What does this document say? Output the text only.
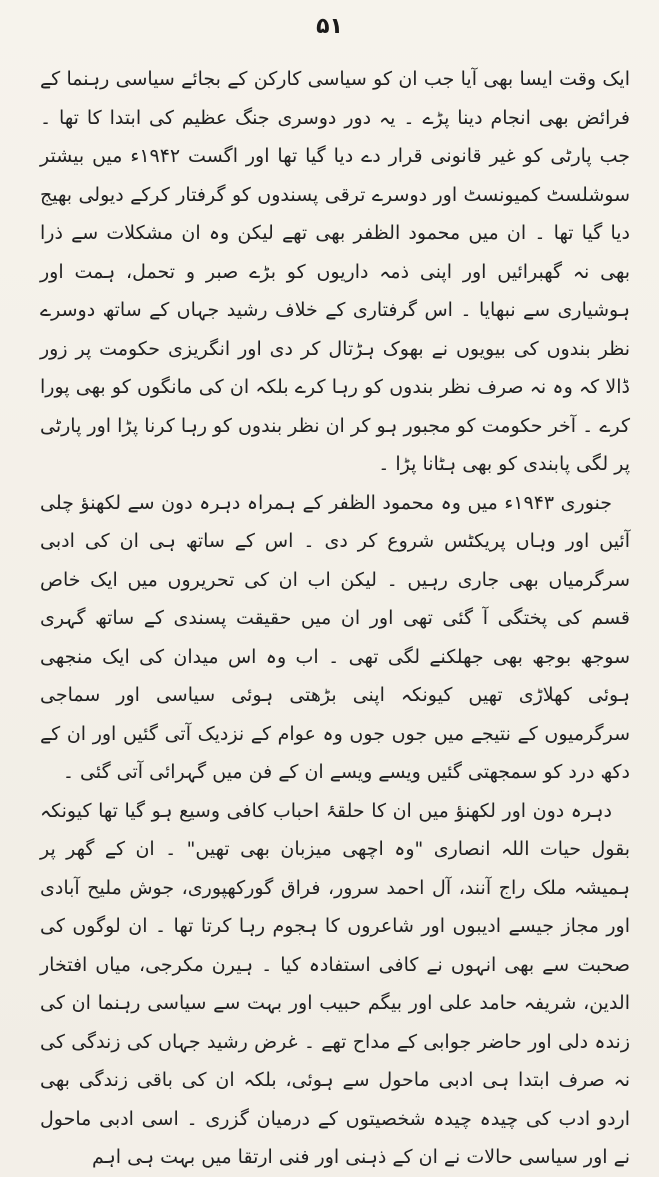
۵۱

ایک وقت ایسا بھی آیا جب ان کو سیاسی کارکن کے بجائے سیاسی رہنما کے فرائض بھی انجام دینا پڑے ۔ یہ دور دوسری جنگ عظیم کی ابتدا کا تھا ۔ جب پارٹی کو غیر قانونی قرار دے دیا گیا تھا اور اگست ۱۹۴۲ء میں بیشتر سوشلسٹ کمیونسٹ اور دوسرے ترقی پسندوں کو گرفتار کرکے دیولی بھیج دیا گیا تھا ۔ ان میں محمود الظفر بھی تھے لیکن وہ ان مشکلات سے ذرا بھی نہ گھبرائیں اور اپنی ذمہ داریوں کو بڑے صبر و تحمل، ہمت اور ہوشیاری سے نبھایا ۔ اس گرفتاری کے خلاف رشید جہاں کے ساتھ دوسرے نظر بندوں کی بیویوں نے بھوک ہڑتال کر دی اور انگریزی حکومت پر زور ڈالا کہ وہ نہ صرف نظر بندوں کو رہا کرے بلکہ ان کی مانگوں کو بھی پورا کرے ۔ آخر حکومت کو مجبور ہو کر ان نظر بندوں کو رہا کرنا پڑا اور پارٹی پر لگی پابندی کو بھی ہٹانا پڑا ۔

جنوری ۱۹۴۳ء میں وہ محمود الظفر کے ہمراہ دہرہ دون سے لکھنؤ چلی آئیں اور وہاں پریکٹس شروع کر دی ۔ اس کے ساتھ ہی ان کی ادبی سرگرمیاں بھی جاری رہیں ۔ لیکن اب ان کی تحریروں میں ایک خاص قسم کی پختگی آ گئی تھی اور ان میں حقیقت پسندی کے ساتھ گہری سوجھ بوجھ بھی جھلکنے لگی تھی ۔ اب وہ اس میدان کی ایک منجھی ہوئی کھلاڑی تھیں کیونکہ اپنی بڑھتی ہوئی سیاسی اور سماجی سرگرمیوں کے نتیجے میں جوں جوں وہ عوام کے نزدیک آتی گئیں اور ان کے دکھ درد کو سمجھتی گئیں ویسے ویسے ان کے فن میں گہرائی آتی گئی ۔

دہرہ دون اور لکھنؤ میں ان کا حلقۂ احباب کافی وسیع ہو گیا تھا کیونکہ بقول حیات اللہ انصاری "وہ اچھی میزبان بھی تھیں" ۔ ان کے گھر پر ہمیشہ ملک راج آنند، آل احمد سرور، فراق گورکھپوری، جوش ملیح آبادی اور مجاز جیسے ادیبوں اور شاعروں کا ہجوم رہا کرتا تھا ۔ ان لوگوں کی صحبت سے بھی انہوں نے کافی استفادہ کیا ۔ ہیرن مکرجی، میاں افتخار الدین، شریفہ حامد علی اور بیگم حبیب اور بہت سے سیاسی رہنما ان کی زندہ دلی اور حاضر جوابی کے مداح تھے ۔ غرض رشید جہاں کی زندگی کی نہ صرف ابتدا ہی ادبی ماحول سے ہوئی، بلکہ ان کی باقی زندگی بھی اردو ادب کی چیدہ چیدہ شخصیتوں کے درمیان گزری ۔ اسی ادبی ماحول نے اور سیاسی حالات نے ان کے ذہنی اور فنی ارتقا میں بہت ہی اہم
